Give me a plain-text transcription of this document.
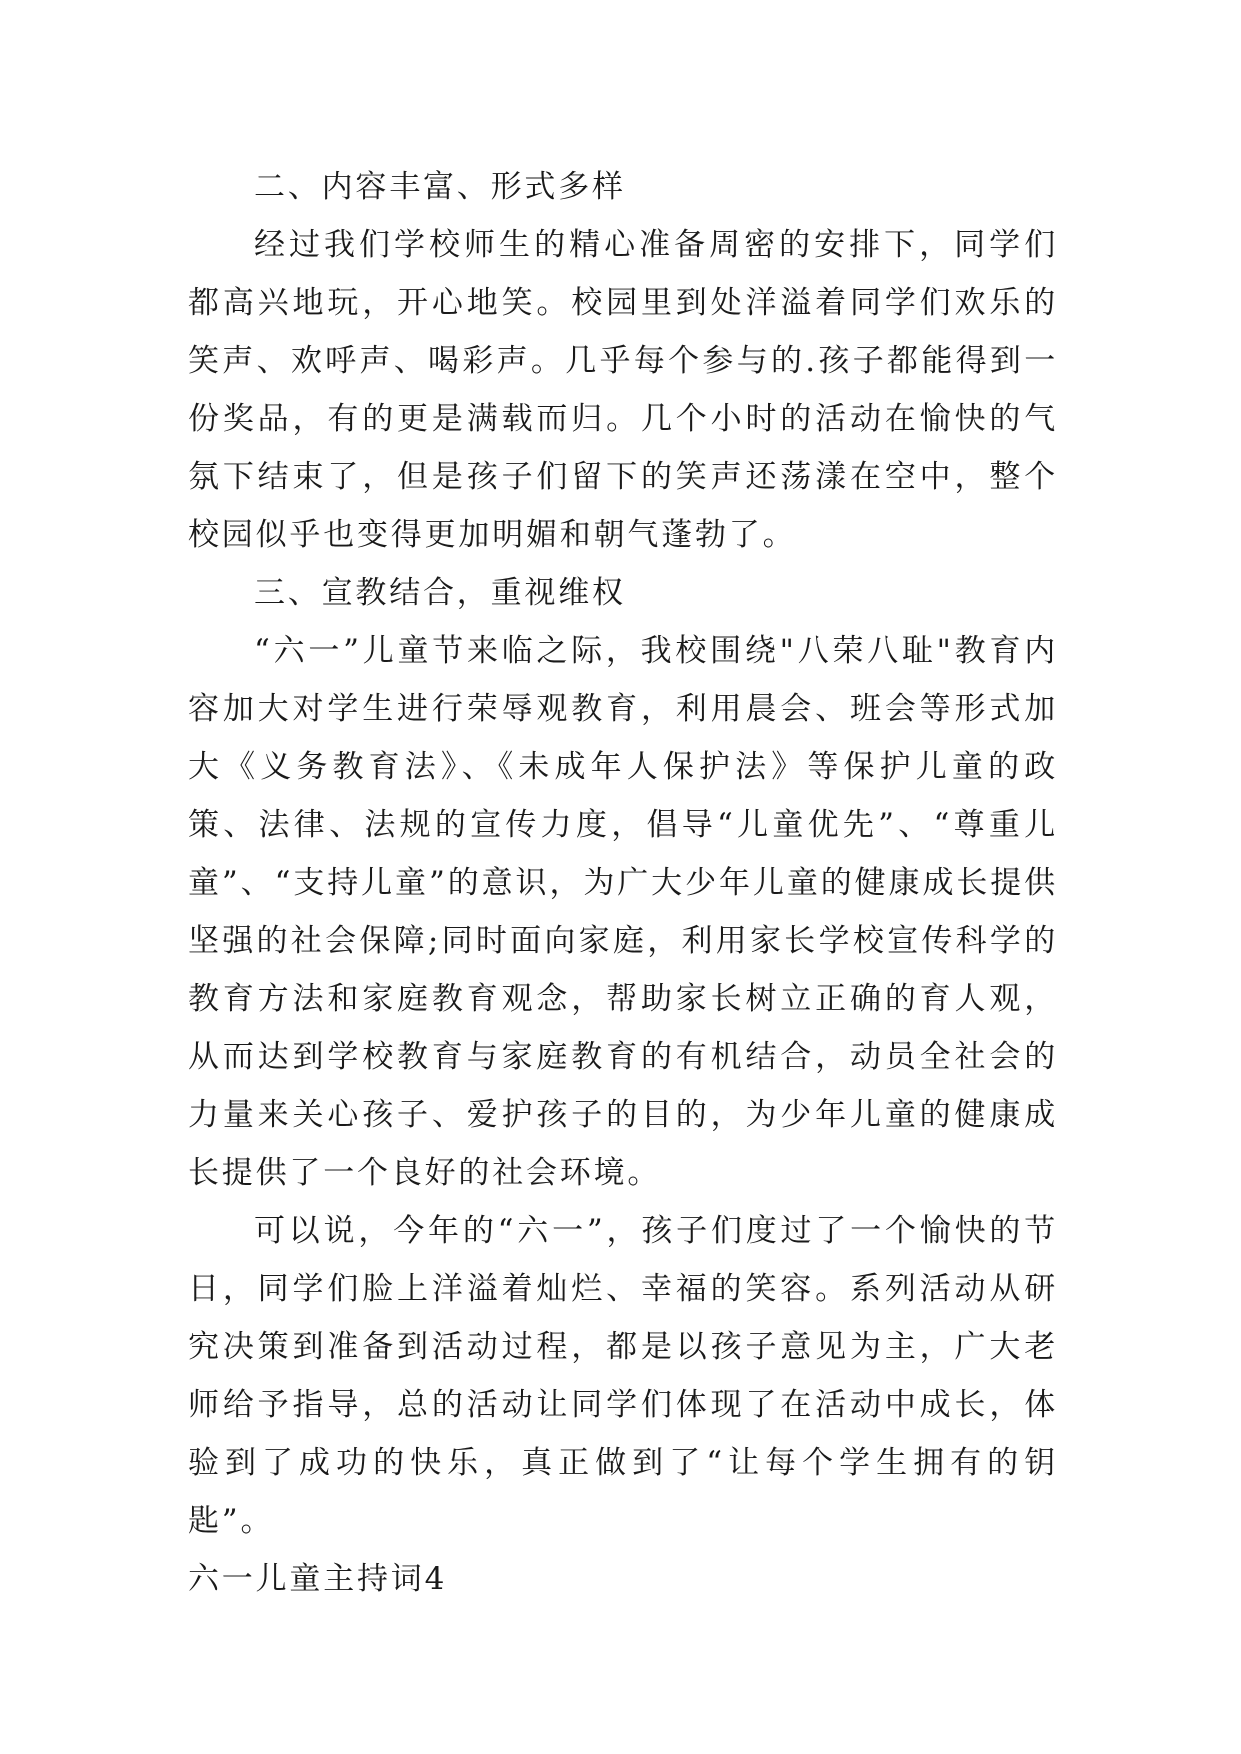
二、内容丰富、形式多样

经过我们学校师生的精心准备周密的安排下，同学们都高兴地玩，开心地笑。校园里到处洋溢着同学们欢乐的笑声、欢呼声、喝彩声。几乎每个参与的.孩子都能得到一份奖品，有的更是满载而归。几个小时的活动在愉快的气氛下结束了，但是孩子们留下的笑声还荡漾在空中，整个校园似乎也变得更加明媚和朝气蓬勃了。

三、宣教结合，重视维权

“六一”儿童节来临之际，我校围绕"八荣八耻"教育内容加大对学生进行荣辱观教育，利用晨会、班会等形式加大《义务教育法》、《未成年人保护法》等保护儿童的政策、法律、法规的宣传力度，倡导“儿童优先”、“尊重儿童”、“支持儿童”的意识，为广大少年儿童的健康成长提供坚强的社会保障;同时面向家庭，利用家长学校宣传科学的教育方法和家庭教育观念，帮助家长树立正确的育人观，从而达到学校教育与家庭教育的有机结合，动员全社会的力量来关心孩子、爱护孩子的目的，为少年儿童的健康成长提供了一个良好的社会环境。

可以说，今年的“六一”，孩子们度过了一个愉快的节日，同学们脸上洋溢着灿烂、幸福的笑容。系列活动从研究决策到准备到活动过程，都是以孩子意见为主，广大老师给予指导，总的活动让同学们体现了在活动中成长，体验到了成功的快乐，真正做到了“让每个学生拥有的钥匙”。

六一儿童主持词4
